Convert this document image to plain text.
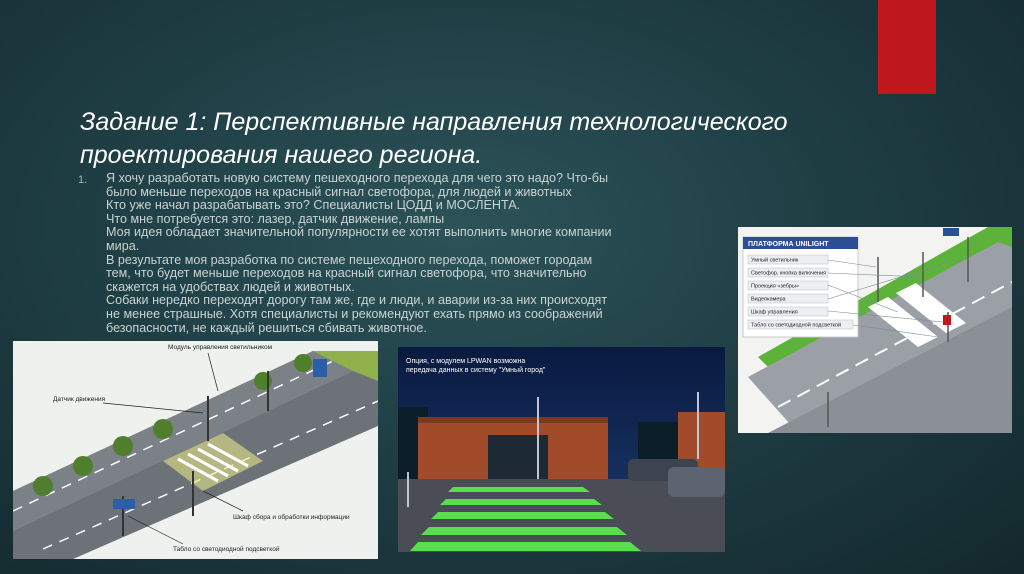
Задание 1: Перспективные направления технологического
проектирования нашего региона.
1. Я хочу разработать новую систему пешеходного перехода для чего это надо? Что-бы
было меньше переходов на красный сигнал светофора, для людей и животных
Кто уже начал разрабатывать это? Специалисты ЦОДД и МОСЛЕНТА.
Что мне потребуется это: лазер, датчик движение, лампы
Моя идея обладает значительной популярности ее хотят выполнить многие компании
мира.
В результате моя разработка по системе пешеходного перехода, поможет городам
тем, что будет меньше переходов на красный сигнал светофора, что значительно
скажется на удобствах людей и животных.
Собаки нередко переходят дорогу там же, где и люди, и аварии из-за них происходят
не менее страшные. Хотя специалисты и рекомендуют ехать прямо из соображений
безопасности, не каждый решиться сбивать животное.
Модуль управления светильником
Датчик движения
Шкаф сбора и обработки информации
Табло со светодиодной подсветкой
Опция, с модулем LPWAN возможна
передача данных в систему "Умный город"
ПЛАТФОРМА UNILIGHT
Умный светильник
Светофор, кнопка включения
Проекция «зебры»
Видеокамера
Шкаф управления
Табло со светодиодной подсветкой
